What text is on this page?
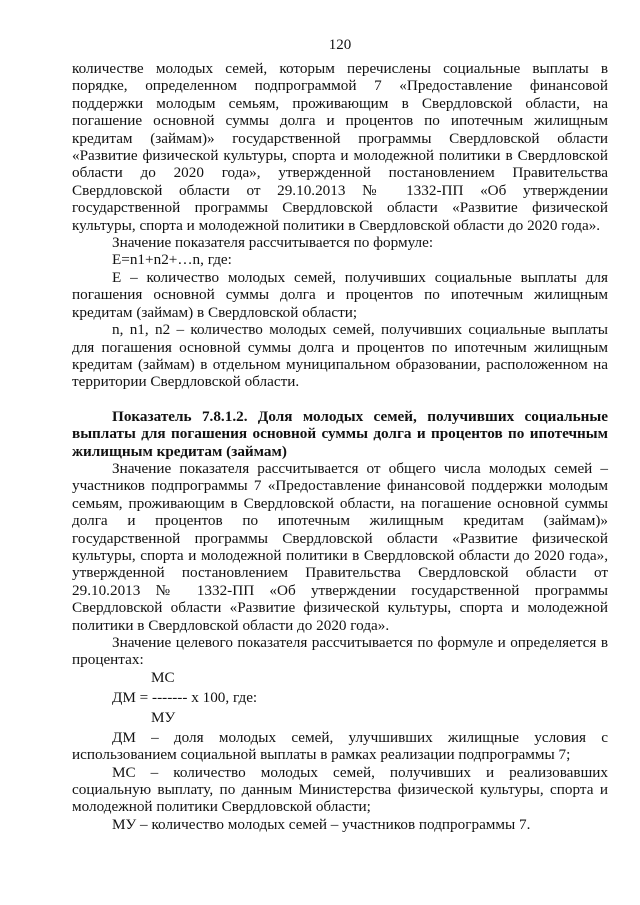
120

количестве молодых семей, которым перечислены социальные выплаты в порядке, определенном подпрограммой 7 «Предоставление финансовой поддержки молодым семьям, проживающим в Свердловской области, на погашение основной суммы долга и процентов по ипотечным жилищным кредитам (займам)» государственной программы Свердловской области «Развитие физической культуры, спорта и молодежной политики в Свердловской области до 2020 года», утвержденной постановлением Правительства Свердловской области от 29.10.2013 № 1332-ПП «Об утверждении государственной программы Свердловской области «Развитие физической культуры, спорта и молодежной политики в Свердловской области до 2020 года».

Значение показателя рассчитывается по формуле:

E=n1+n2+…n, где:

E – количество молодых семей, получивших социальные выплаты для погашения основной суммы долга и процентов по ипотечным жилищным кредитам (займам) в Свердловской области;

n, n1, n2 – количество молодых семей, получивших социальные выплаты для погашения основной суммы долга и процентов по ипотечным жилищным кредитам (займам) в отдельном муниципальном образовании, расположенном на территории Свердловской области.

Показатель 7.8.1.2. Доля молодых семей, получивших социальные выплаты для погашения основной суммы долга и процентов по ипотечным жилищным кредитам (займам)

Значение показателя рассчитывается от общего числа молодых семей – участников подпрограммы 7 «Предоставление финансовой поддержки молодым семьям, проживающим в Свердловской области, на погашение основной суммы долга и процентов по ипотечным жилищным кредитам (займам)» государственной программы Свердловской области «Развитие физической культуры, спорта и молодежной политики в Свердловской области до 2020 года», утвержденной постановлением Правительства Свердловской области от 29.10.2013 № 1332-ПП «Об утверждении государственной программы Свердловской области «Развитие физической культуры, спорта и молодежной политики в Свердловской области до 2020 года».

Значение целевого показателя рассчитывается по формуле и определяется в процентах:

МС
ДМ = ------- х 100, где:
МУ

ДМ – доля молодых семей, улучшивших жилищные условия с использованием социальной выплаты в рамках реализации подпрограммы 7;

МС – количество молодых семей, получивших и реализовавших социальную выплату, по данным Министерства физической культуры, спорта и молодежной политики Свердловской области;

МУ – количество молодых семей – участников подпрограммы 7.
